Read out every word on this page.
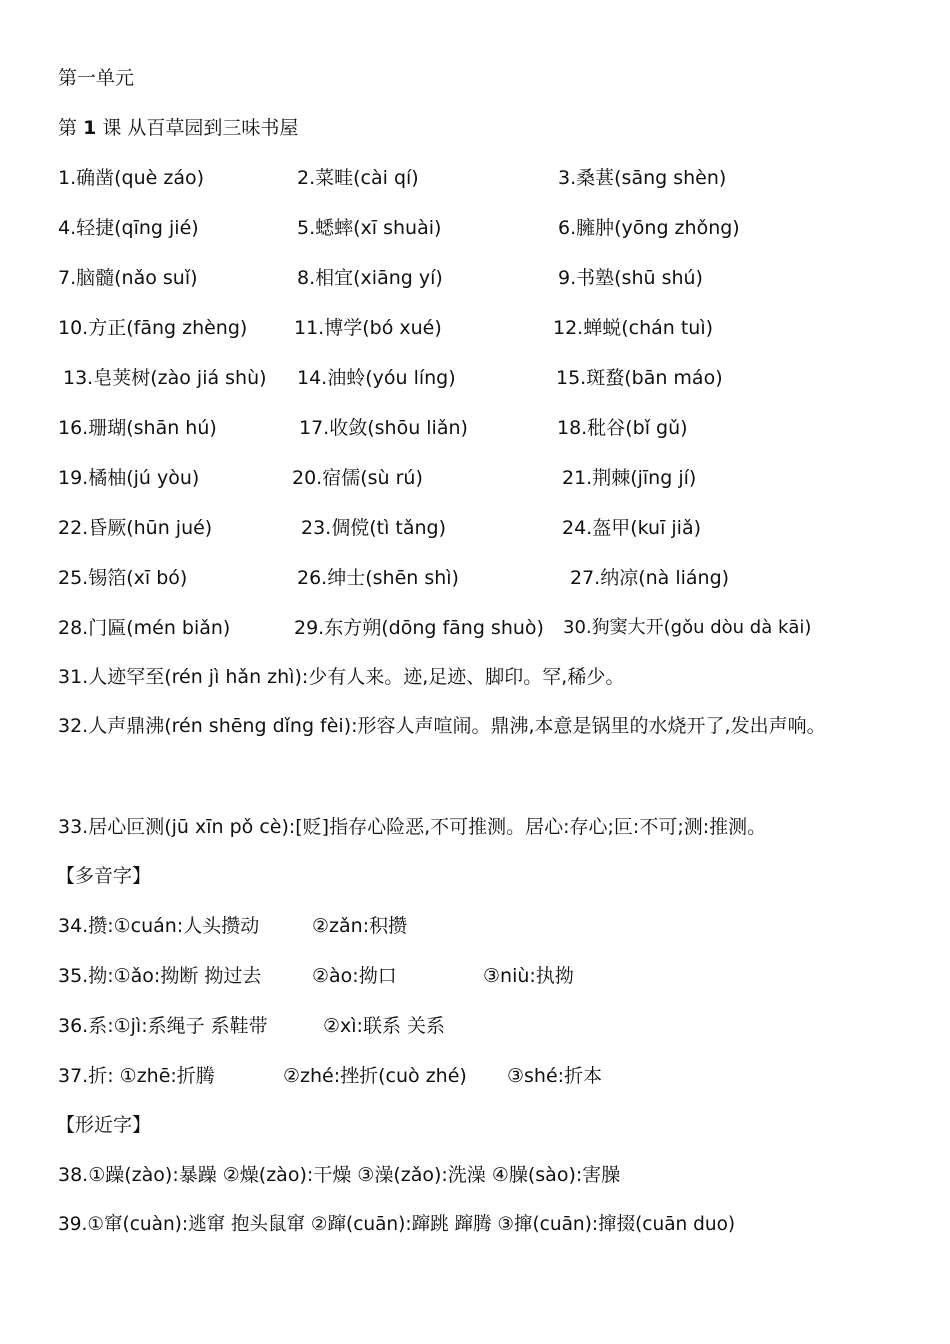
第一单元
第 1 课 从百草园到三味书屋
1.确凿(què záo)	2.菜畦(cài qí)	3.桑葚(sāng shèn)
4.轻捷(qīng jié)	5.蟋蟀(xī shuài)	6.臃肿(yōng zhǒng)
7.脑髓(nǎo suǐ)	8.相宜(xiāng yí)	9.书塾(shū shú)
10.方正(fāng zhèng) 11.博学(bó xué)	12.蝉蜕(chán tuì)
13.皂荚树(zào jiá shù) 14.油蛉(yóu líng)	15.斑蝥(bān máo)
16.珊瑚(shān hú)	17.收敛(shōu liǎn)	18.秕谷(bǐ gǔ)
19.橘柚(jú yòu)	20.宿儒(sù rú)	21.荆棘(jīng jí)
22.昏厥(hūn jué)	23.倜傥(tì tǎng)	24.盔甲(kuī jiǎ)
25.锡箔(xī bó)	26.绅士(shēn shì)	27.纳凉(nà liáng)
28.门匾(mén biǎn)	29.东方朔(dōng fāng shuò) 30.狗窦大开(gǒu dòu dà kāi)
31.人迹罕至(rén jì hǎn zhì):少有人来。迹,足迹、脚印。罕,稀少。
32.人声鼎沸(rén shēng dǐng fèi):形容人声喧闹。鼎沸,本意是锅里的水烧开了,发出声响。
33.居心叵测(jū xīn pǒ cè):[贬]指存心险恶,不可推测。居心:存心;叵:不可;测:推测。
【多音字】
34.攒:①cuán:人头攒动	②zǎn:积攒
35.拗:①ǎo:拗断 拗过去	②ào:拗口	③niù:执拗
36.系:①jì:系绳子 系鞋带	②xì:联系 关系
37.折: ①zhē:折腾	②zhé:挫折(cuò zhé) ③shé:折本
【形近字】
38.①躁(zào):暴躁 ②燥(zào):干燥 ③澡(zǎo):洗澡 ④臊(sào):害臊
39.①窜(cuàn):逃窜 抱头鼠窜 ②蹿(cuān):蹿跳 蹿腾 ③撺(cuān):撺掇(cuān duo)
